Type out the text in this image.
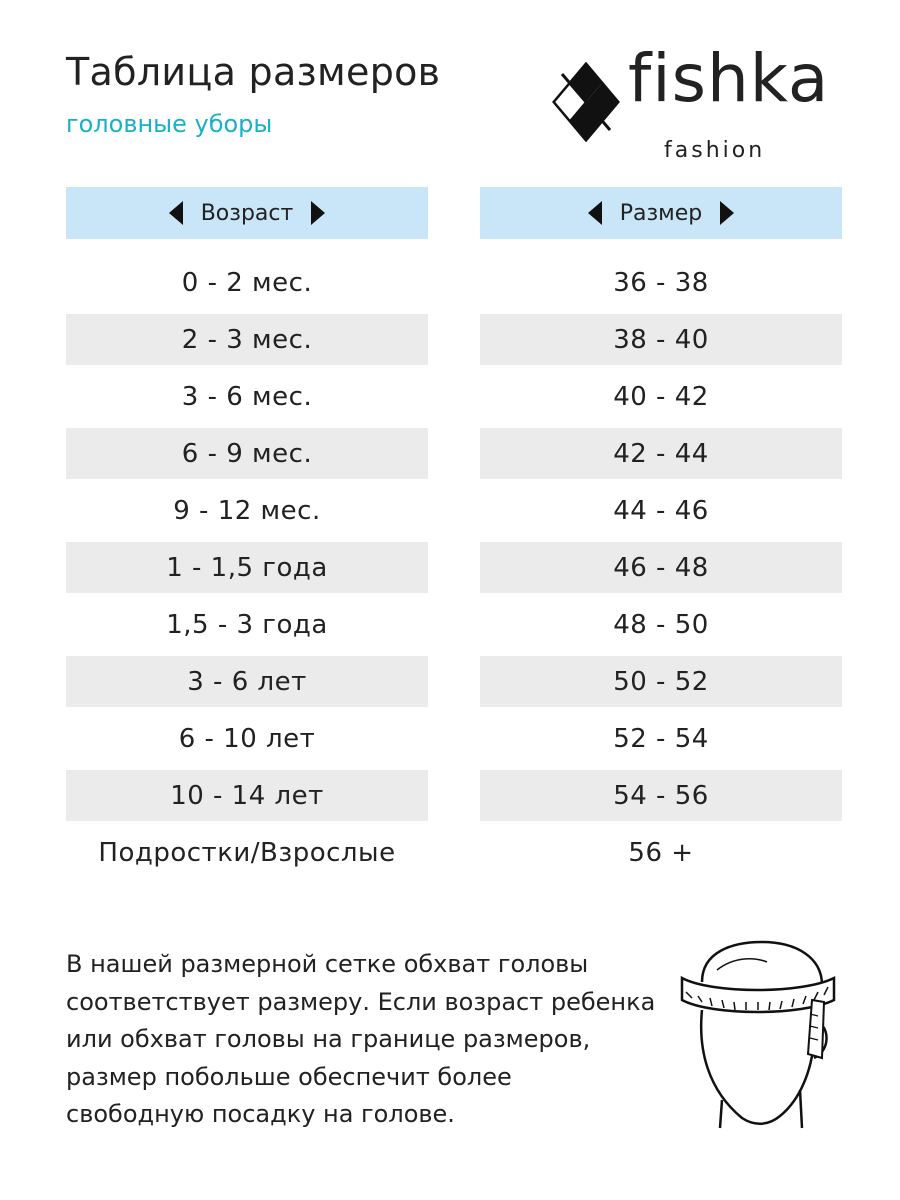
Таблица размеров
головные уборы
fishka
fashion
Возраст
0 - 2 мес.
2 - 3 мес.
3 - 6 мес.
6 - 9 мес.
9 - 12 мес.
1 - 1,5 года
1,5 - 3 года
3 - 6 лет
6 - 10 лет
10 - 14 лет
Подростки/Взрослые
Размер
36 - 38
38 - 40
40 - 42
42 - 44
44 - 46
46 - 48
48 - 50
50 - 52
52 - 54
54 - 56
56 +
В нашей размерной сетке обхват головы
соответствует размеру. Если возраст ребенка
или обхват головы на границе размеров,
размер побольше обеспечит более
свободную посадку на голове.
